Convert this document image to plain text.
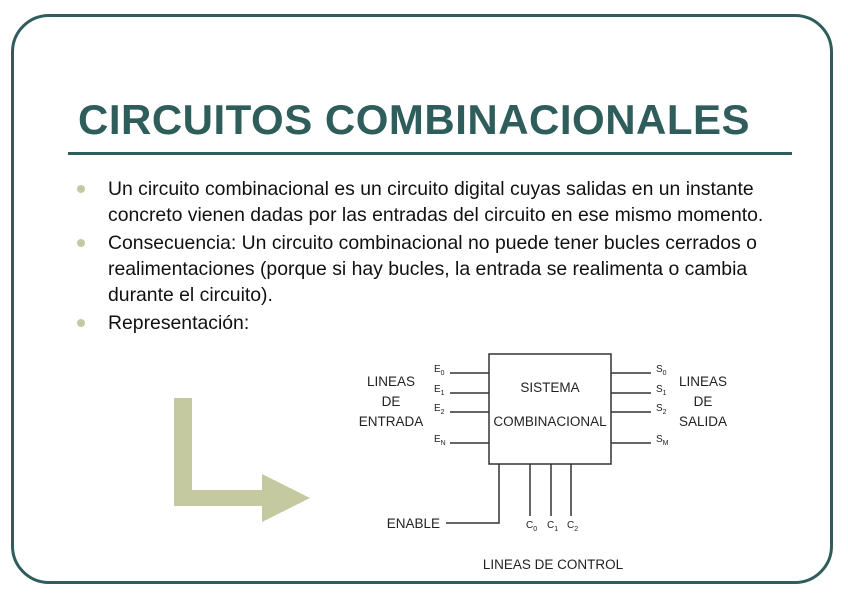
CIRCUITOS COMBINACIONALES
Un circuito combinacional es un circuito digital cuyas salidas en un instante concreto vienen dadas por las entradas del circuito en ese mismo momento.
Consecuencia: Un circuito combinacional no puede tener bucles cerrados o realimentaciones (porque si hay bucles, la entrada se realimenta o cambia durante el circuito).
Representación:
SISTEMA
COMBINACIONAL
$E_0$
$E_1$
$E_2$
$E_N$
$S_0$
$S_1$
$S_2$
$S_M$
$C_0$ $C_1$ $C_2$
LINEAS
DE
ENTRADA
LINEAS
DE
SALIDA
ENABLE
LINEAS DE CONTROL
